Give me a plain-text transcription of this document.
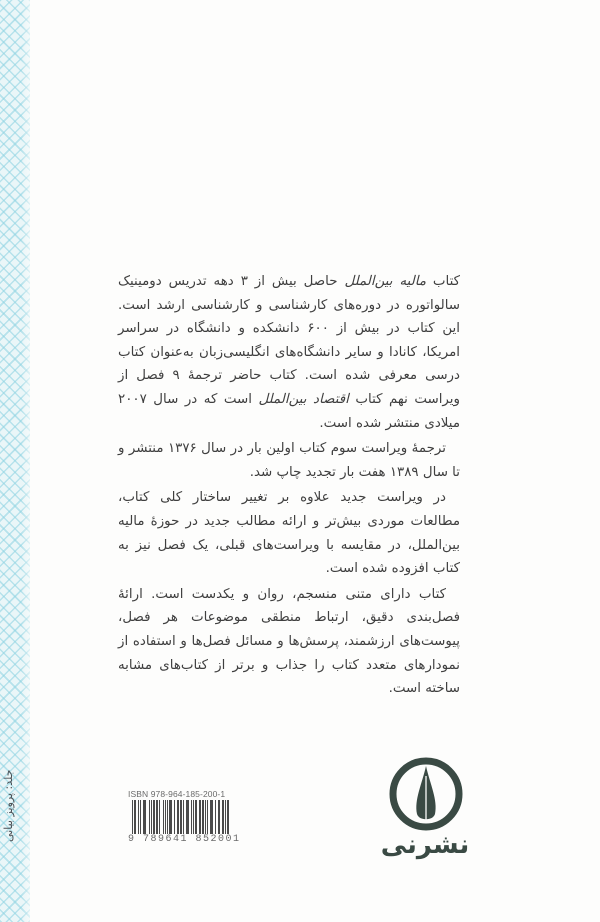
جلد: پرویز بیانی

کتاب مالیه بین‌الملل حاصل بیش از ۳ دهه تدریس دومینیک سالواتوره در دوره‌های کارشناسی و کارشناسی ارشد است. این کتاب در بیش از ۶۰۰ دانشکده و دانشگاه در سراسر امریکا، کانادا و سایر دانشگاه‌های انگلیسی‌زبان به‌عنوان کتاب درسی معرفی شده است. کتاب حاضر ترجمهٔ ۹ فصل از ویراست نهم کتاب اقتصاد بین‌الملل است که در سال ۲۰۰۷ میلادی منتشر شده است.

ترجمهٔ ویراست سوم کتاب اولین بار در سال ۱۳۷۶ منتشر و تا سال ۱۳۸۹ هفت بار تجدید چاپ شد.

در ویراست جدید علاوه بر تغییر ساختار کلی کتاب، مطالعات موردی بیش‌تر و ارائه مطالب جدید در حوزهٔ مالیه بین‌الملل، در مقایسه با ویراست‌های قبلی، یک فصل نیز به کتاب افزوده شده است.

کتاب دارای متنی منسجم، روان و یکدست است. ارائهٔ فصل‌بندی دقیق، ارتباط منطقی موضوعات هر فصل، پیوست‌های ارزشمند، پرسش‌ها و مسائل فصل‌ها و استفاده از نمودارهای متعدد کتاب را جذاب و برتر از کتاب‌های مشابه ساخته است.

ISBN 978-964-185-200-1
9 789641 852001	نشرنی
